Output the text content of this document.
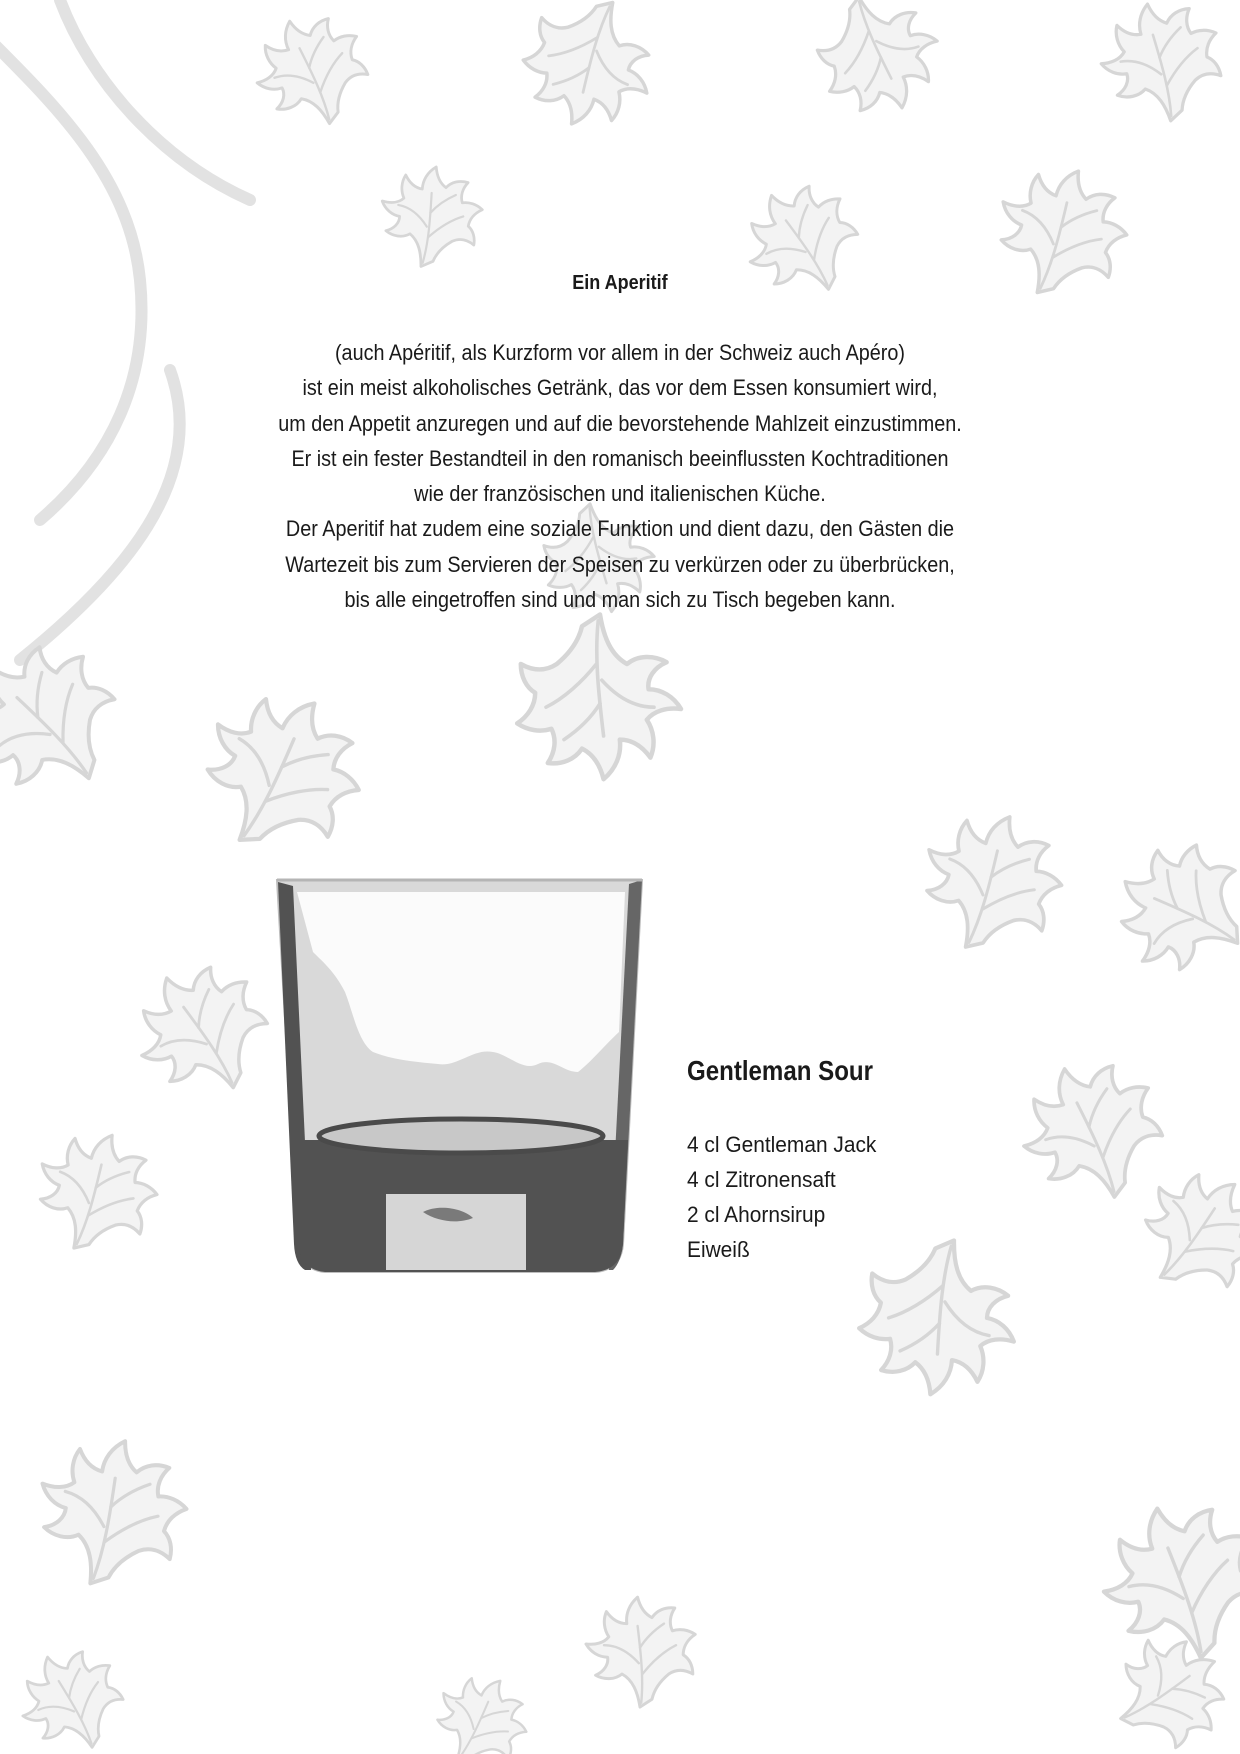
Ein Aperitif
(auch Apéritif, als Kurzform vor allem in der Schweiz auch Apéro)
ist ein meist alkoholisches Getränk, das vor dem Essen konsumiert wird,
um den Appetit anzuregen und auf die bevorstehende Mahlzeit einzustimmen.
Er ist ein fester Bestandteil in den romanisch beeinflussten Kochtraditionen
wie der französischen und italienischen Küche.
Der Aperitif hat zudem eine soziale Funktion und dient dazu, den Gästen die
Wartezeit bis zum Servieren der Speisen zu verkürzen oder zu überbrücken,
bis alle eingetroffen sind und man sich zu Tisch begeben kann.
Gentleman Sour
4 cl Gentleman Jack
4 cl Zitronensaft
2 cl Ahornsirup
Eiweiß
